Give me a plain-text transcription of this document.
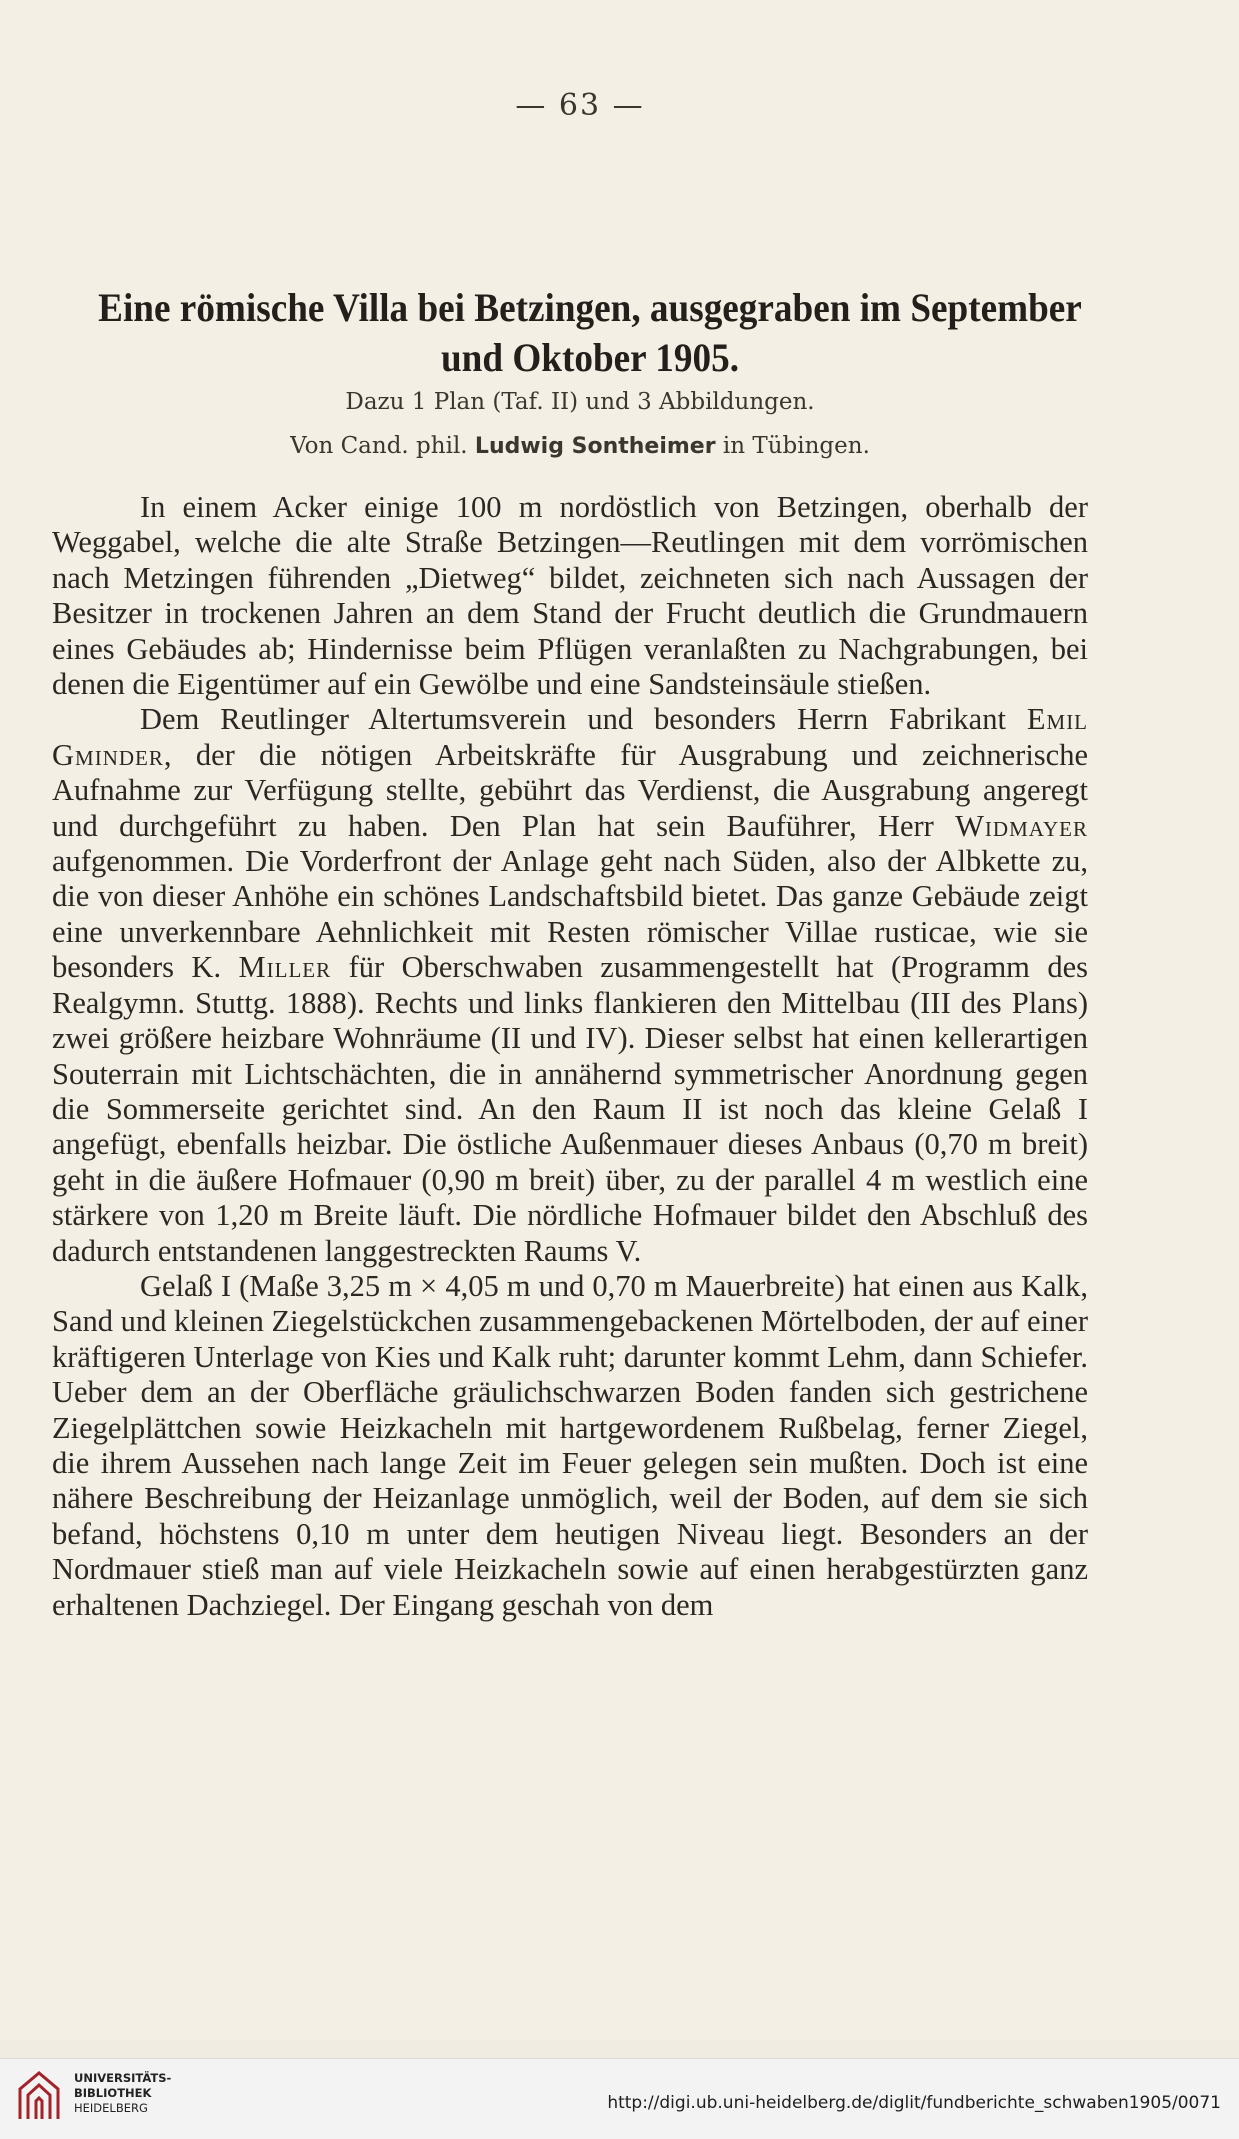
— 63 —
Eine römische Villa bei Betzingen, ausgegraben im September
und Oktober 1905.
Dazu 1 Plan (Taf. II) und 3 Abbildungen.
Von Cand. phil. Ludwig Sontheimer in Tübingen.

In einem Acker einige 100 m nordöstlich von Betzingen, oberhalb der Weggabel, welche die alte Straße Betzingen—Reutlingen mit dem vorrömischen nach Metzingen führenden „Dietweg“ bildet, zeichneten sich nach Aussagen der Besitzer in trockenen Jahren an dem Stand der Frucht deutlich die Grundmauern eines Gebäudes ab; Hindernisse beim Pflügen veranlaßten zu Nachgrabungen, bei denen die Eigentümer auf ein Gewölbe und eine Sandsteinsäule stießen.

Dem Reutlinger Altertumsverein und besonders Herrn Fabrikant Emil Gminder, der die nötigen Arbeitskräfte für Ausgrabung und zeichnerische Aufnahme zur Verfügung stellte, gebührt das Verdienst, die Ausgrabung angeregt und durchgeführt zu haben. Den Plan hat sein Bauführer, Herr Widmayer aufgenommen. Die Vorderfront der Anlage geht nach Süden, also der Albkette zu, die von dieser Anhöhe ein schönes Landschaftsbild bietet. Das ganze Gebäude zeigt eine unverkennbare Aehnlichkeit mit Resten römischer Villae rusticae, wie sie besonders K. Miller für Oberschwaben zusammengestellt hat (Programm des Realgymn. Stuttg. 1888). Rechts und links flankieren den Mittelbau (III des Plans) zwei größere heizbare Wohnräume (II und IV). Dieser selbst hat einen kellerartigen Souterrain mit Lichtschächten, die in annähernd symmetrischer Anordnung gegen die Sommerseite gerichtet sind. An den Raum II ist noch das kleine Gelaß I angefügt, ebenfalls heizbar. Die östliche Außenmauer dieses Anbaus (0,70 m breit) geht in die äußere Hofmauer (0,90 m breit) über, zu der parallel 4 m westlich eine stärkere von 1,20 m Breite läuft. Die nördliche Hofmauer bildet den Abschluß des dadurch entstandenen langgestreckten Raums V.

Gelaß I (Maße 3,25 m × 4,05 m und 0,70 m Mauerbreite) hat einen aus Kalk, Sand und kleinen Ziegelstückchen zusammengebackenen Mörtelboden, der auf einer kräftigeren Unterlage von Kies und Kalk ruht; darunter kommt Lehm, dann Schiefer. Ueber dem an der Oberfläche gräulichschwarzen Boden fanden sich gestrichene Ziegelplättchen sowie Heizkacheln mit hartgewordenem Rußbelag, ferner Ziegel, die ihrem Aussehen nach lange Zeit im Feuer gelegen sein mußten. Doch ist eine nähere Beschreibung der Heizanlage unmöglich, weil der Boden, auf dem sie sich befand, höchstens 0,10 m unter dem heutigen Niveau liegt. Besonders an der Nordmauer stieß man auf viele Heizkacheln sowie auf einen herabgestürzten ganz erhaltenen Dachziegel. Der Eingang geschah von dem

UNIVERSITÄTS-
BIBLIOTHEK
HEIDELBERG	http://digi.ub.uni-heidelberg.de/diglit/fundberichte_schwaben1905/0071
